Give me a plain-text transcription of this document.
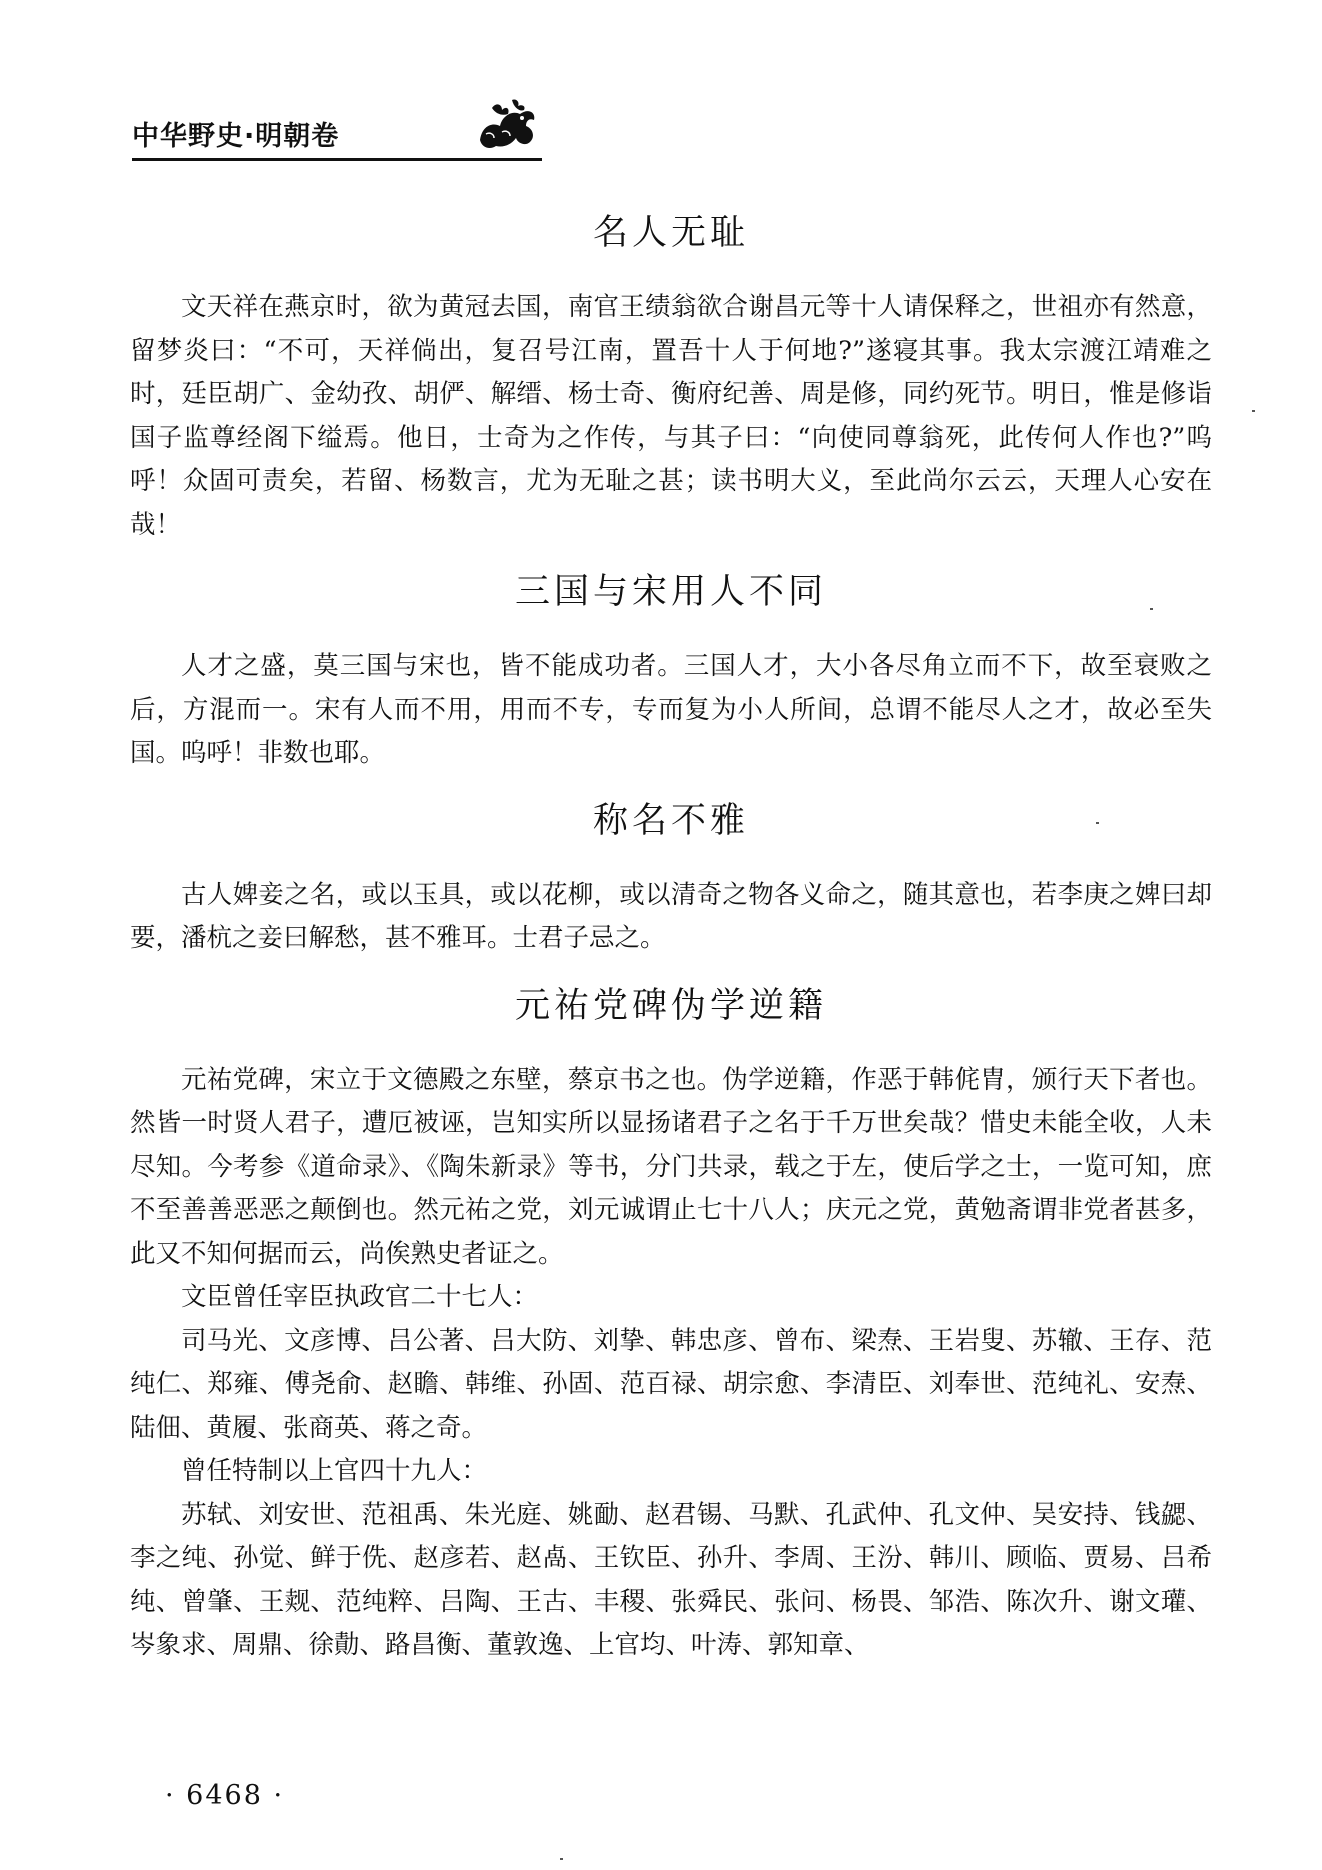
中华野史·明朝卷
名人无耻

文天祥在燕京时，欲为黄冠去国，南官王绩翁欲合谢昌元等十人请保释之，世祖亦有然意，留梦炎曰：“不可，天祥倘出，复召号江南，置吾十人于何地?”遂寝其事。我太宗渡江靖难之时，廷臣胡广、金幼孜、胡俨、解缙、杨士奇、衡府纪善、周是修，同约死节。明日，惟是修诣国子监尊经阁下缢焉。他日，士奇为之作传，与其子曰：“向使同尊翁死，此传何人作也?”呜呼！众固可责矣，若留、杨数言，尤为无耻之甚；读书明大义，至此尚尔云云，天理人心安在哉！

三国与宋用人不同

人才之盛，莫三国与宋也，皆不能成功者。三国人才，大小各尽角立而不下，故至衰败之后，方混而一。宋有人而不用，用而不专，专而复为小人所间，总谓不能尽人之才，故必至失国。呜呼！非数也耶。

称名不雅

古人婢妾之名，或以玉具，或以花柳，或以清奇之物各义命之，随其意也，若李庚之婢曰却要，潘杭之妾曰解愁，甚不雅耳。士君子忌之。

元祐党碑伪学逆籍

元祐党碑，宋立于文德殿之东壁，蔡京书之也。伪学逆籍，作恶于韩侂胄，颁行天下者也。然皆一时贤人君子，遭厄被诬，岂知实所以显扬诸君子之名于千万世矣哉？惜史未能全收，人未尽知。今考参《道命录》、《陶朱新录》等书，分门共录，载之于左，使后学之士，一览可知，庶不至善善恶恶之颠倒也。然元祐之党，刘元诚谓止七十八人；庆元之党，黄勉斋谓非党者甚多，此又不知何据而云，尚俟熟史者证之。

文臣曾任宰臣执政官二十七人：

司马光、文彦博、吕公著、吕大防、刘挚、韩忠彦、曾布、梁焘、王岩叟、苏辙、王存、范纯仁、郑雍、傅尧俞、赵瞻、韩维、孙固、范百禄、胡宗愈、李清臣、刘奉世、范纯礼、安焘、陆佃、黄履、张商英、蒋之奇。

曾任特制以上官四十九人：

苏轼、刘安世、范祖禹、朱光庭、姚勔、赵君锡、马默、孔武仲、孔文仲、吴安持、钱勰、李之纯、孙觉、鲜于侁、赵彦若、赵卨、王钦臣、孙升、李周、王汾、韩川、顾临、贾易、吕希纯、曾肇、王觌、范纯粹、吕陶、王古、丰稷、张舜民、张问、杨畏、邹浩、陈次升、谢文瓘、岑象求、周鼎、徐勣、路昌衡、董敦逸、上官均、叶涛、郭知章、

· 6468 ·
